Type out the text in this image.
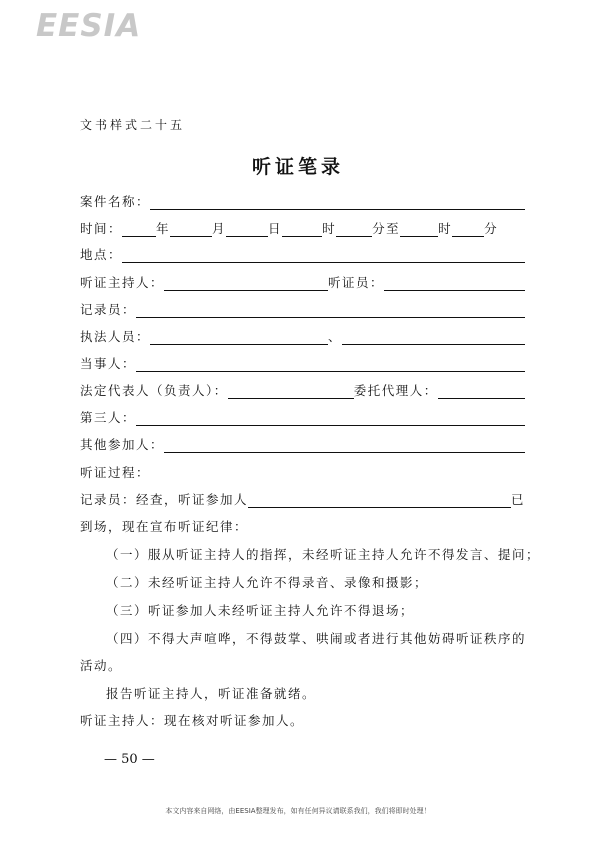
EESIA
文书样式二十五
听证笔录
案件名称：
时间：	年	月	日	时	分至	时	分
地点：
听证主持人：	听证员：
记录员：
执法人员：	、
当事人：
法定代表人（负责人）：	委托代理人：
第三人：
其他参加人：
听证过程：
记录员：经查，听证参加人	已
到场，现在宣布听证纪律：
（一）服从听证主持人的指挥，未经听证主持人允许不得发言、提问；
（二）未经听证主持人允许不得录音、录像和摄影；
（三）听证参加人未经听证主持人允许不得退场；
（四）不得大声喧哗，不得鼓掌、哄闹或者进行其他妨碍听证秩序的
活动。
报告听证主持人，听证准备就绪。
听证主持人：现在核对听证参加人。
— 50 —
本文内容来自网络，由EESIA整理发布，如有任何异议请联系我们，我们将即时处理！
